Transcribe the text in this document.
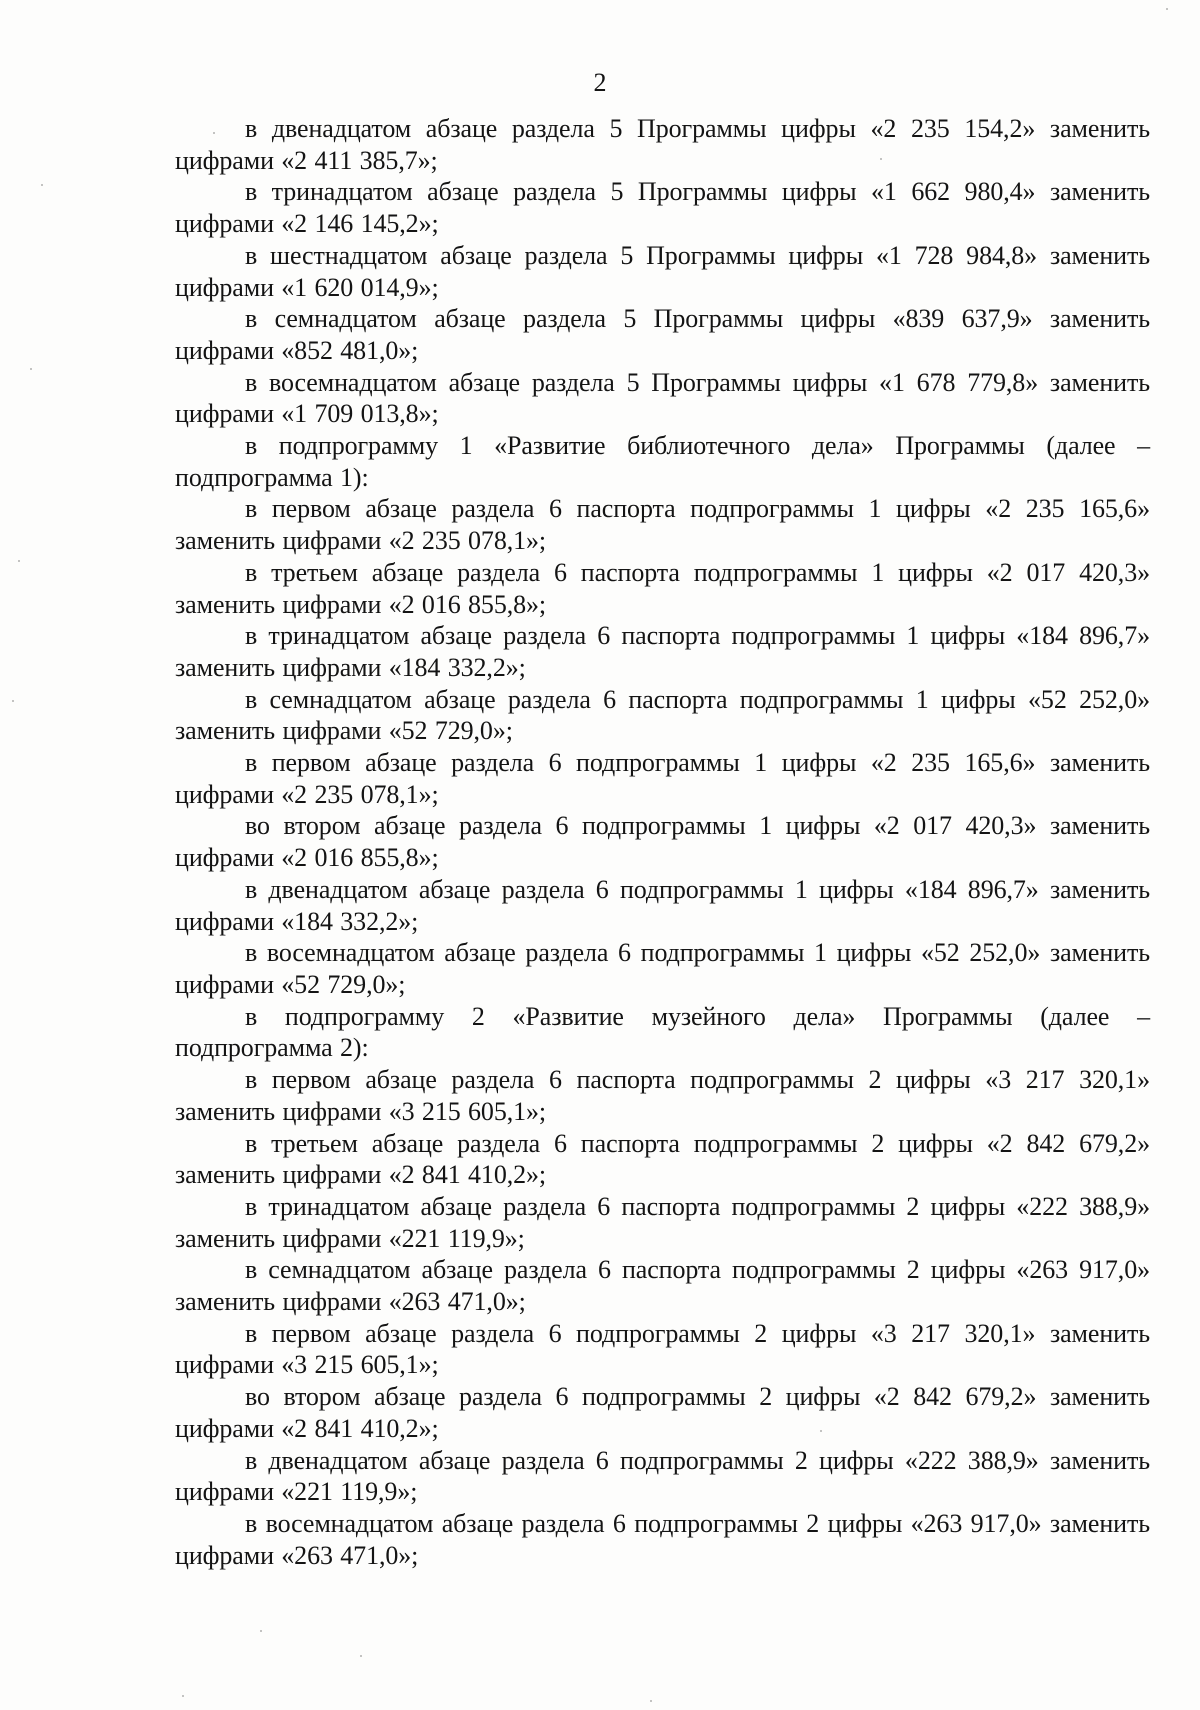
2

в двенадцатом абзаце раздела 5 Программы цифры «2 235 154,2» заменить цифрами «2 411 385,7»;

в тринадцатом абзаце раздела 5 Программы цифры «1 662 980,4» заменить цифрами «2 146 145,2»;

в шестнадцатом абзаце раздела 5 Программы цифры «1 728 984,8» заменить цифрами «1 620 014,9»;

в семнадцатом абзаце раздела 5 Программы цифры «839 637,9» заменить цифрами «852 481,0»;

в восемнадцатом абзаце раздела 5 Программы цифры «1 678 779,8» заменить цифрами «1 709 013,8»;

в подпрограмму 1 «Развитие библиотечного дела» Программы (далее – подпрограмма 1):

в первом абзаце раздела 6 паспорта подпрограммы 1 цифры «2 235 165,6» заменить цифрами «2 235 078,1»;

в третьем абзаце раздела 6 паспорта подпрограммы 1 цифры «2 017 420,3» заменить цифрами «2 016 855,8»;

в тринадцатом абзаце раздела 6 паспорта подпрограммы 1 цифры «184 896,7» заменить цифрами «184 332,2»;

в семнадцатом абзаце раздела 6 паспорта подпрограммы 1 цифры «52 252,0» заменить цифрами «52 729,0»;

в первом абзаце раздела 6 подпрограммы 1 цифры «2 235 165,6» заменить цифрами «2 235 078,1»;

во втором абзаце раздела 6 подпрограммы 1 цифры «2 017 420,3» заменить цифрами «2 016 855,8»;

в двенадцатом абзаце раздела 6 подпрограммы 1 цифры «184 896,7» заменить цифрами «184 332,2»;

в восемнадцатом абзаце раздела 6 подпрограммы 1 цифры «52 252,0» заменить цифрами «52 729,0»;

в подпрограмму 2 «Развитие музейного дела» Программы (далее – подпрограмма 2):

в первом абзаце раздела 6 паспорта подпрограммы 2 цифры «3 217 320,1» заменить цифрами «3 215 605,1»;

в третьем абзаце раздела 6 паспорта подпрограммы 2 цифры «2 842 679,2» заменить цифрами «2 841 410,2»;

в тринадцатом абзаце раздела 6 паспорта подпрограммы 2 цифры «222 388,9» заменить цифрами «221 119,9»;

в семнадцатом абзаце раздела 6 паспорта подпрограммы 2 цифры «263 917,0» заменить цифрами «263 471,0»;

в первом абзаце раздела 6 подпрограммы 2 цифры «3 217 320,1» заменить цифрами «3 215 605,1»;

во втором абзаце раздела 6 подпрограммы 2 цифры «2 842 679,2» заменить цифрами «2 841 410,2»;

в двенадцатом абзаце раздела 6 подпрограммы 2 цифры «222 388,9» заменить цифрами «221 119,9»;

в восемнадцатом абзаце раздела 6 подпрограммы 2 цифры «263 917,0» заменить цифрами «263 471,0»;
